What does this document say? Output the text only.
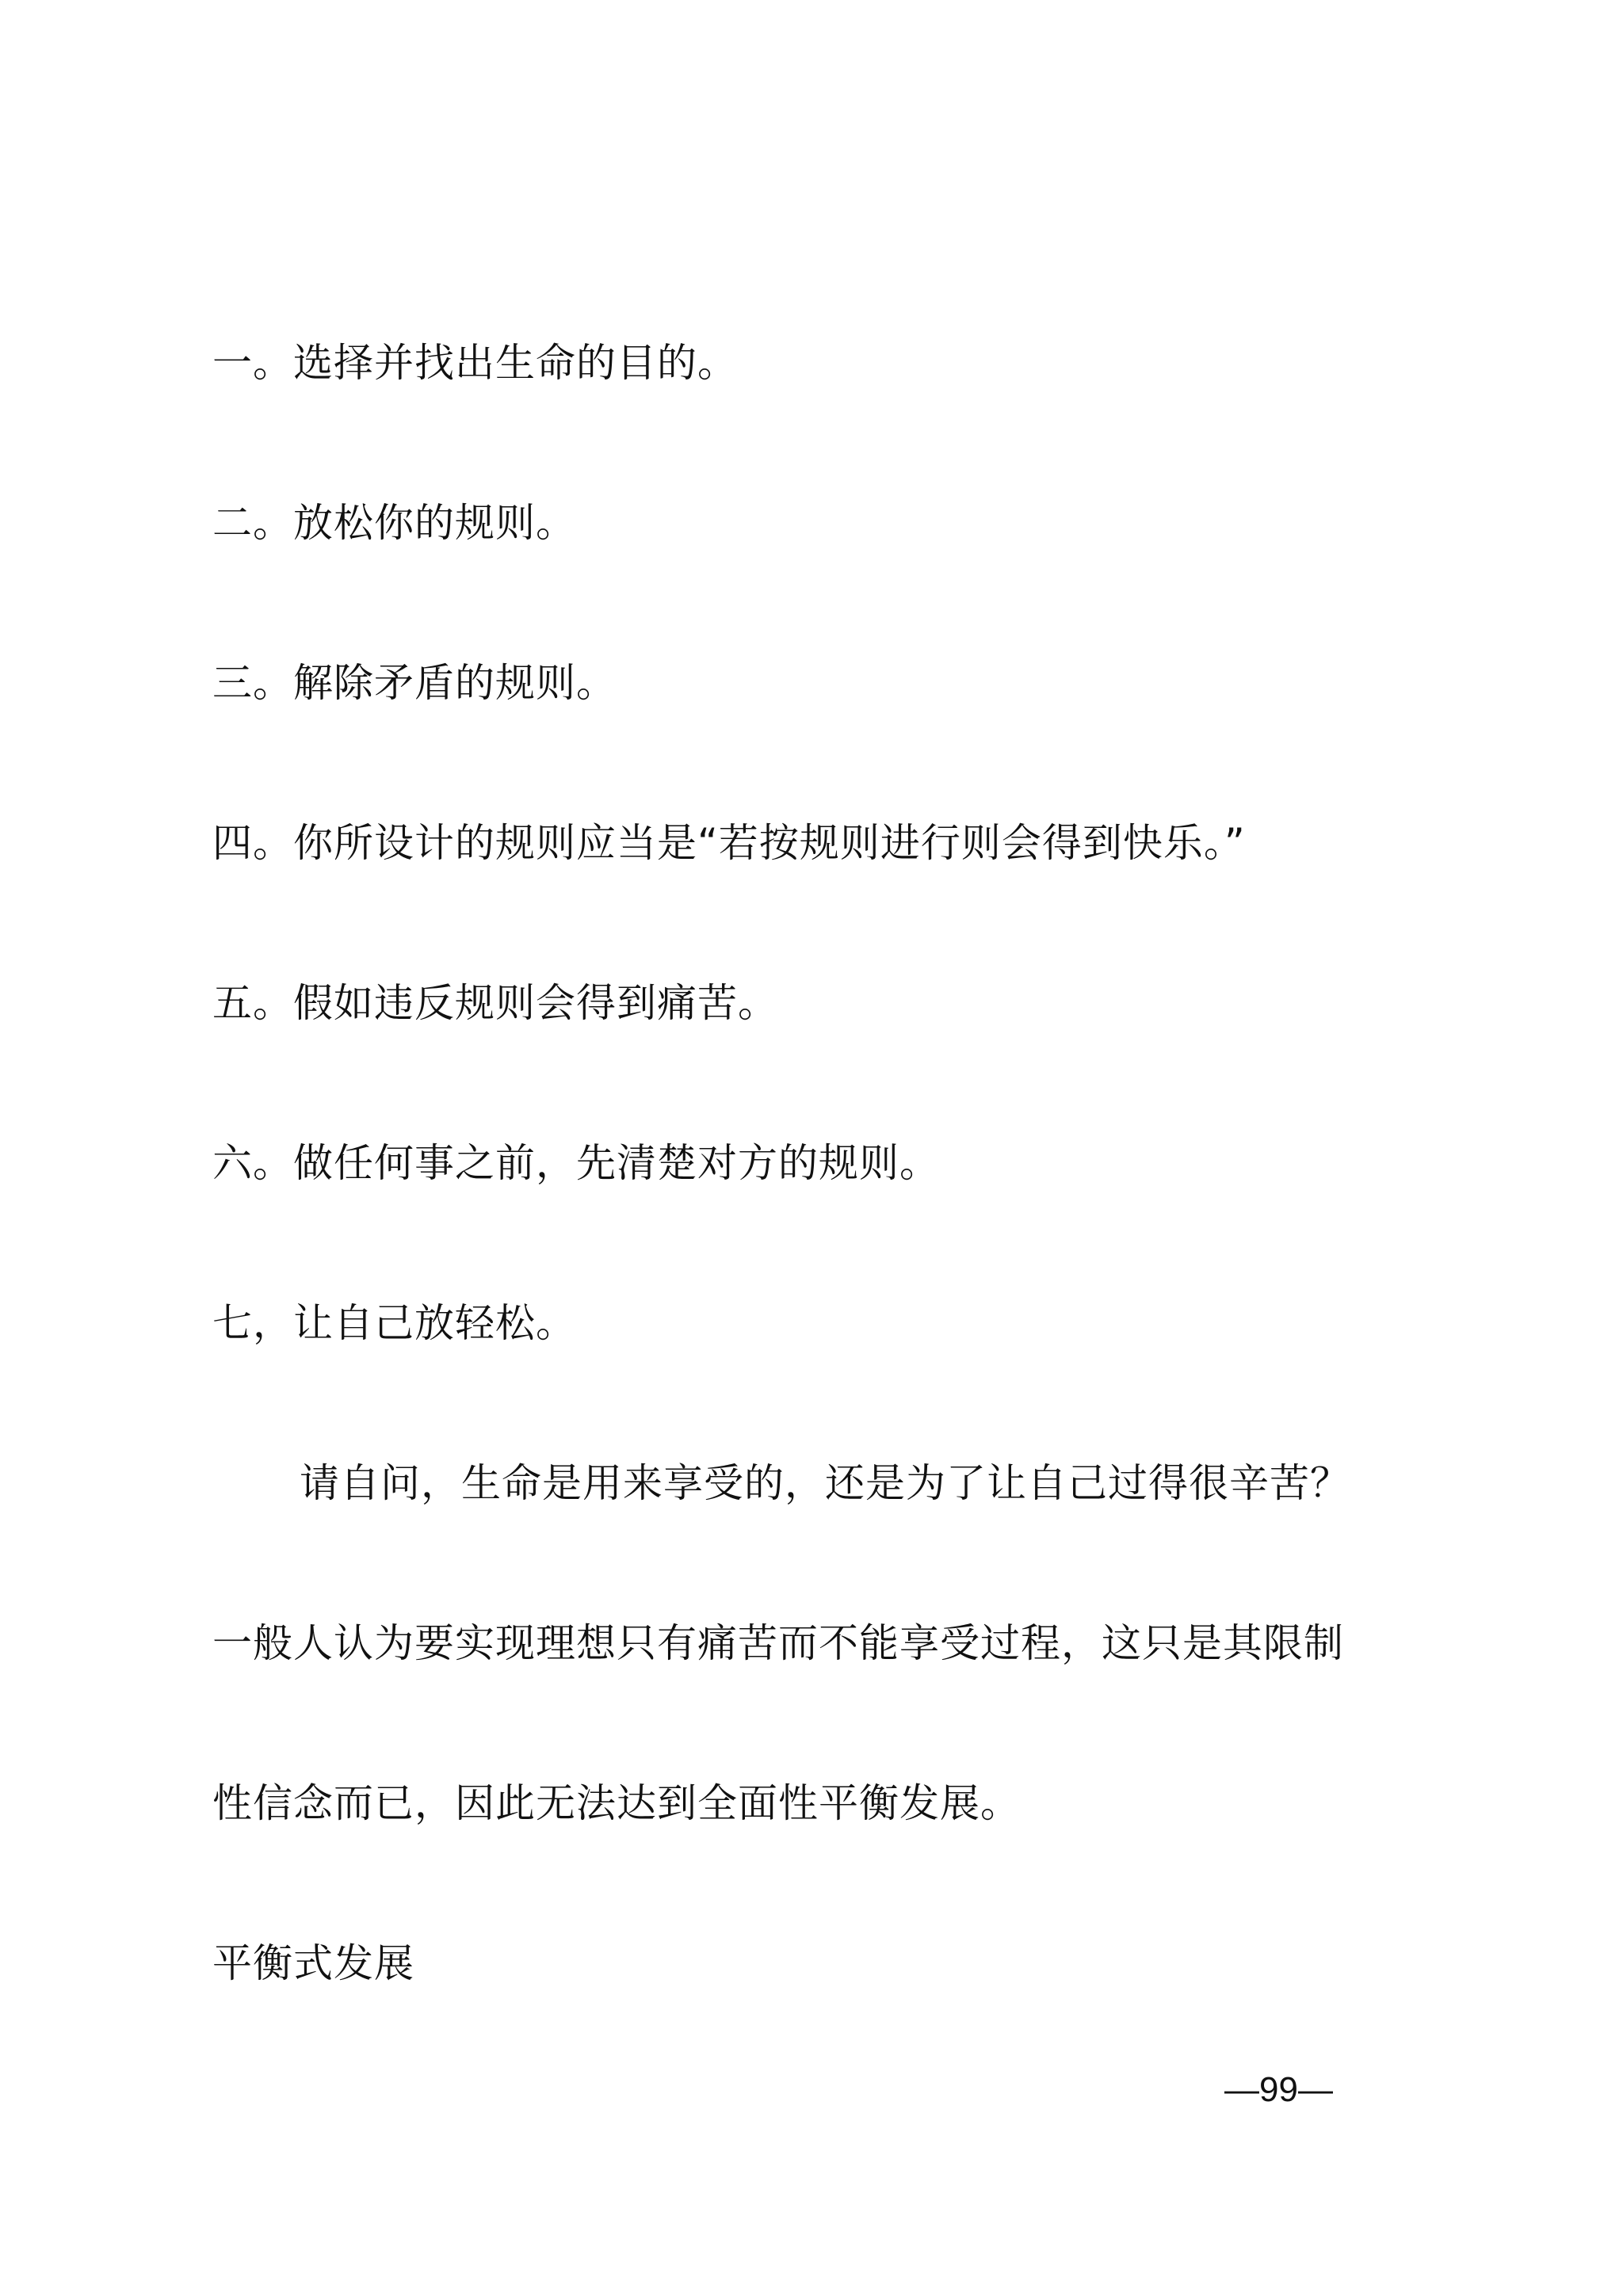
一。选择并找出生命的目的。
二。放松你的规则。
三。解除矛盾的规则。
四。你所设计的规则应当是“若按规则进行则会得到快乐。”
五。假如违反规则会得到痛苦。
六。做任何事之前，先清楚对方的规则。
七，让自己放轻松。
请自问，生命是用来享受的，还是为了让自己过得很辛苦？
一般人认为要实现理想只有痛苦而不能享受过程，这只是其限制
性信念而已，因此无法达到全面性平衡发展。
平衡式发展
—99—
